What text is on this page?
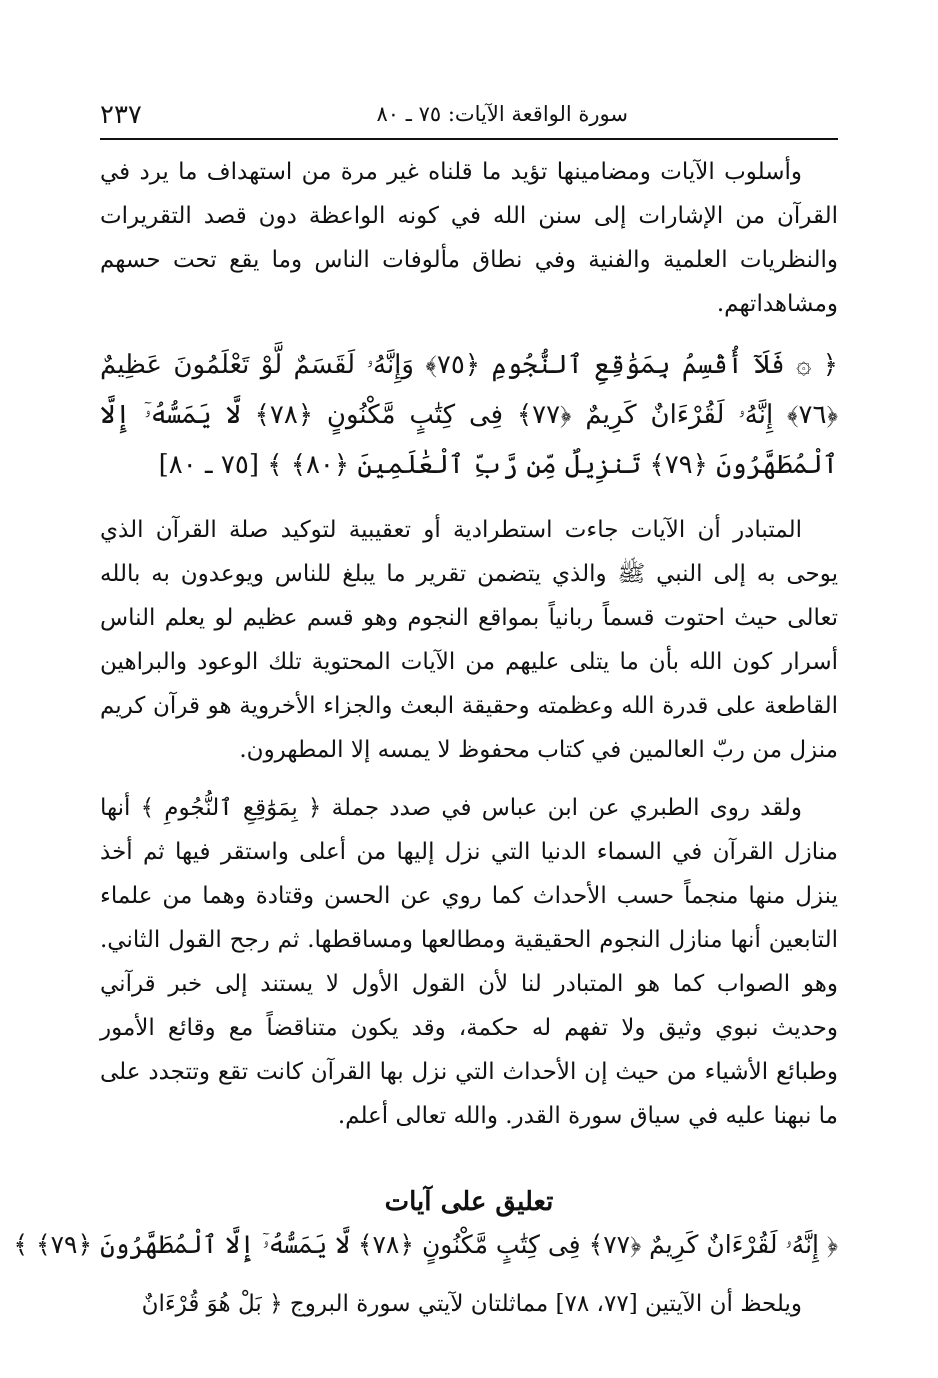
٢٣٧	سورة الواقعة الآيات: ٧٥ ـ ٨٠

وأسلوب الآيات ومضامينها تؤيد ما قلناه غير مرة من استهداف ما يرد في القرآن من الإشارات إلى سنن الله في كونه الواعظة دون قصد التقريرات والنظريات العلمية والفنية وفي نطاق مألوفات الناس وما يقع تحت حسهم ومشاهداتهم.

﴿ ۞ فَلَآ أُقْسِمُ بِمَوَٰقِعِ ٱلنُّجُومِ ﴿٧٥﴾ وَإِنَّهُۥ لَقَسَمٌ لَّوْ تَعْلَمُونَ عَظِيمٌ ﴿٧٦﴾ إِنَّهُۥ لَقُرْءَانٌ كَرِيمٌ ﴿٧٧﴾ فِى كِتَٰبٍ مَّكْنُونٍ ﴿٧٨﴾ لَّا يَمَسُّهُۥٓ إِلَّا ٱلْمُطَهَّرُونَ ﴿٧٩﴾ تَنزِيلٌ مِّن رَّبِّ ٱلْعَٰلَمِينَ ﴿٨٠﴾ ﴾ [٧٥ ـ ٨٠]

المتبادر أن الآيات جاءت استطرادية أو تعقيبية لتوكيد صلة القرآن الذي يوحى به إلى النبي ﷺ والذي يتضمن تقرير ما يبلغ للناس ويوعدون به بالله تعالى حيث احتوت قسماً ربانياً بمواقع النجوم وهو قسم عظيم لو يعلم الناس أسرار كون الله بأن ما يتلى عليهم من الآيات المحتوية تلك الوعود والبراهين القاطعة على قدرة الله وعظمته وحقيقة البعث والجزاء الأخروية هو قرآن كريم منزل من ربّ العالمين في كتاب محفوظ لا يمسه إلا المطهرون.

ولقد روى الطبري عن ابن عباس في صدد جملة ﴿ بِمَوَٰقِعِ ٱلنُّجُومِ ﴾ أنها منازل القرآن في السماء الدنيا التي نزل إليها من أعلى واستقر فيها ثم أخذ ينزل منها منجماً حسب الأحداث كما روي عن الحسن وقتادة وهما من علماء التابعين أنها منازل النجوم الحقيقية ومطالعها ومساقطها. ثم رجح القول الثاني. وهو الصواب كما هو المتبادر لنا لأن القول الأول لا يستند إلى خبر قرآني وحديث نبوي وثيق ولا تفهم له حكمة، وقد يكون متناقضاً مع وقائع الأمور وطبائع الأشياء من حيث إن الأحداث التي نزل بها القرآن كانت تقع وتتجدد على ما نبهنا عليه في سياق سورة القدر. والله تعالى أعلم.

تعليق على آيات

﴿ إِنَّهُۥ لَقُرْءَانٌ كَرِيمٌ ﴿٧٧﴾ فِى كِتَٰبٍ مَّكْنُونٍ ﴿٧٨﴾ لَّا يَمَسُّهُۥٓ إِلَّا ٱلْمُطَهَّرُونَ ﴿٧٩﴾ ﴾

ويلحظ أن الآيتين [٧٧، ٧٨] مماثلتان لآيتي سورة البروج ﴿ بَلْ هُوَ قُرْءَانٌ
